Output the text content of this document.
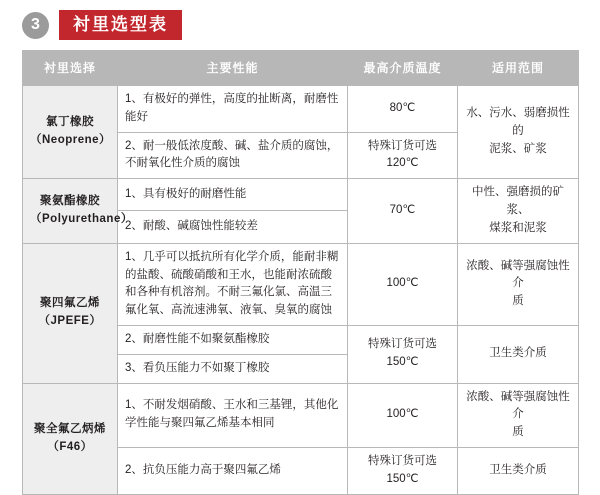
3	衬里选型表
衬里选择	主要性能	最高介质温度	适用范围

氯丁橡胶
（Neoprene）	1、有极好的弹性，高度的扯断离，耐磨性能好	80℃	水、污水、弱磨损性的
泥浆、矿浆

	2、耐一般低浓度酸、碱、盐介质的腐蚀，不耐氧化性介质的腐蚀	特殊订货可选
120℃	

聚氨酯橡胶
（Polyurethane）	1、具有极好的耐磨性能	70℃	中性、强磨损的矿浆、
煤浆和泥浆

	2、耐酸、碱腐蚀性能较差		

聚四氟乙烯
（JPEFE）	1、几乎可以抵抗所有化学介质，能耐非糊的盐酸、硫酸硝酸和王水，也能耐浓硫酸和各种有机溶剂。不耐三氟化氯、高温三氟化氧、高流速沸氧、液氧、臭氧的腐蚀	100℃	浓酸、碱等强腐蚀性介
质

	2、耐磨性能不如聚氨酯橡胶	特殊订货可选
150℃	卫生类介质
	3、看负压能力不如聚丁橡胶		

聚全氟乙炳烯
（F46）	1、不耐发烟硝酸、王水和三基锂，其他化学性能与聚四氟乙烯基本相同	100℃	浓酸、碱等强腐蚀性介
质

	2、抗负压能力高于聚四氟乙烯	特殊订货可选
150℃	卫生类介质
